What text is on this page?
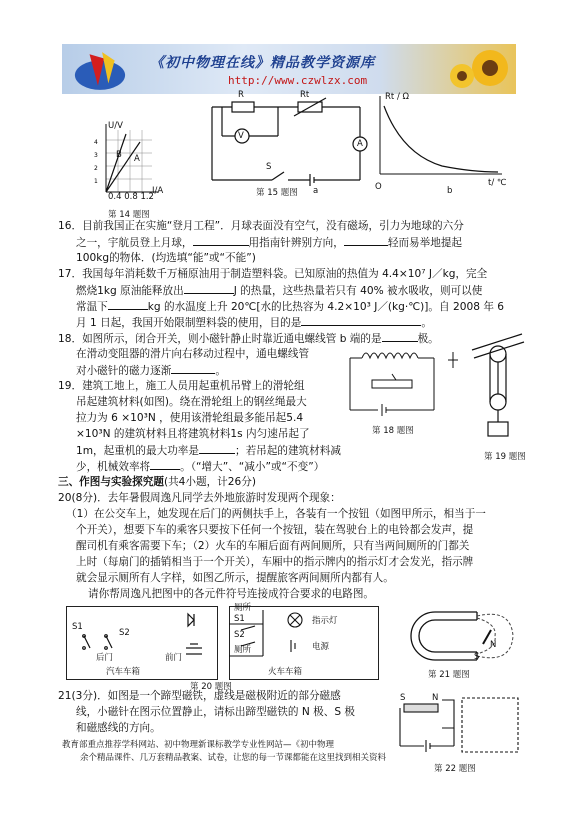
《初中物理在线》精品教学资源库
http://www.czwlzx.com
4
3
2
1
U/V
I/A
0.4 0.8 1.2
B A
第 14 题图
R	Rt
V
A
S
第 15 题图 a
Rt / Ω
t/ ℃
O	b
16．目前我国正在实施“登月工程”．月球表面没有空气，没有磁场，引力为地球的六分
之一，宇航员登上月球，	用指南针辨别方向，	轻而易举地提起
100kg的物体．(均选填“能”或“不能”)
17．我国每年消耗数千万桶原油用于制造塑料袋。已知原油的热值为 4.4×10⁷ J／kg，完全
燃烧1kg 原油能释放出	J 的热量，这些热量若只有 40% 被水吸收，则可以使
常温下	kg 的水温度上升 20℃[水的比热容为 4.2×10³ J／(kg·℃)]。自 2008 年 6
月 1 日起，我国开始限制塑料袋的使用，目的是	。
18．如图所示，闭合开关，则小磁针静止时靠近通电螺线管 b 端的是	极。
在滑动变阻器的滑片向右移动过程中，通电螺线管
对小磁针的磁力逐渐	。
第 18 题图
第 19 题图
19．建筑工地上，施工人员用起重机吊臂上的滑轮组
吊起建筑材料(如图)。绕在滑轮组上的钢丝绳最大
拉力为 6 ×10³N ，使用该滑轮组最多能吊起5.4
×10³N 的建筑材料且将建筑材料1s 内匀速吊起了
1m，起重机的最大功率是	；若吊起的建筑材料减
少，机械效率将	。（“增大”、“减小”或“不变”）
三、作图与实验探究题(共4小题，计26分)
20(8分)．去年暑假周逸凡同学去外地旅游时发现两个现象：
（1）在公交车上，她发现在后门的两侧扶手上，各装有一个按钮（如图甲所示，相当于一
个开关），想要下车的乘客只要按下任何一个按钮，装在驾驶台上的电铃都会发声，提
醒司机有乘客需要下车；（2）火车的车厢后面有两间厕所，只有当两间厕所的门都关
上时（每扇门的插销相当于一个开关），车厢中的指示牌内的指示灯才会发光，指示牌
就会显示厕所有人字样，如图乙所示，提醒旅客两间厕所内都有人。
请你帮周逸凡把图中的各元件符号连接成符合要求的电路图。
S1
S2
后门	前门
汽车车箱
厕所
S1
S2
厕所
指示灯
电源
火车车箱
第 20 题图
N
S
第 21 题图
21(3分)．如图是一个蹄型磁铁，虚线是磁极附近的部分磁感
线，小磁针在图示位置静止，请标出蹄型磁铁的 N 极、S 极
和磁感线的方向。
S	N
第 22 题图
教育部重点推荐学科网站、初中物理新课标教学专业性网站—《初中物理
余个精品课件、几万套精品教案、试卷，让您的每一节课都能在这里找到相关资料
